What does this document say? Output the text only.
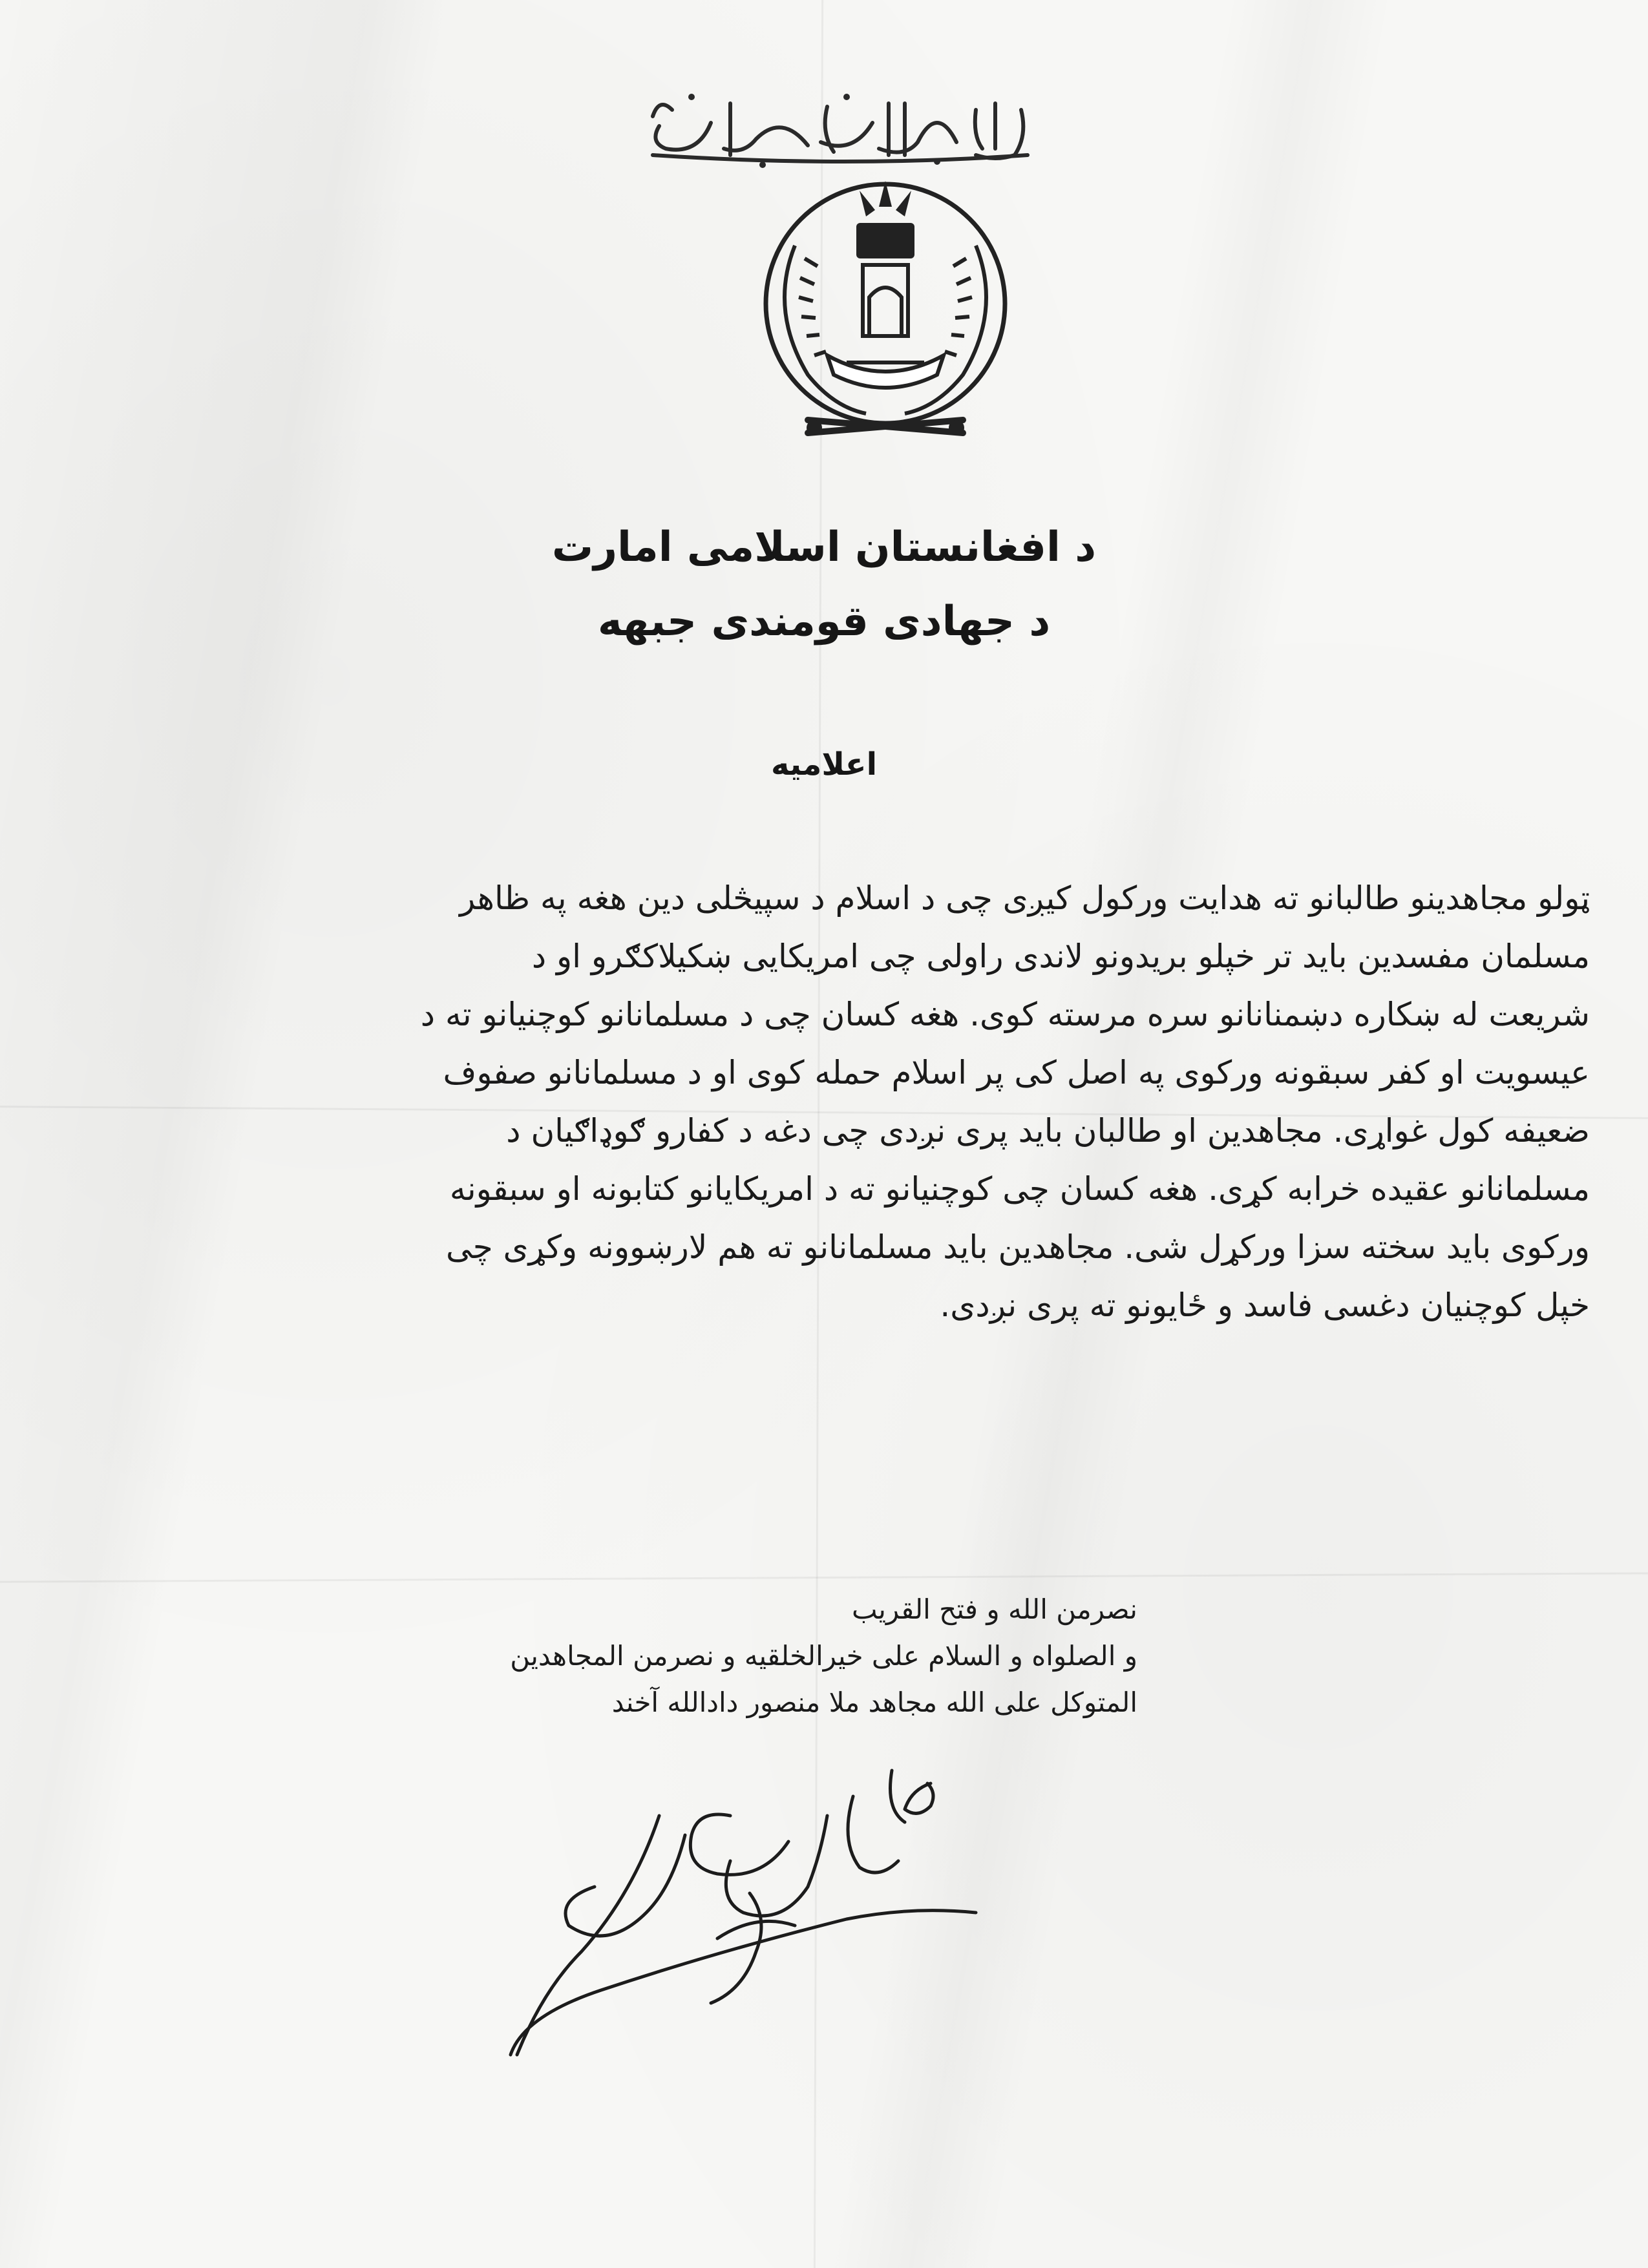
د افغانستان اسلامی امارت
د جهادی قومندی جبهه
اعلامیه
ټولو مجاهدینو طالبانو ته هدایت ورکول کیږی چی د اسلام د سپیڅلی دین هغه په ظاهر
مسلمان مفسدین باید تر خپلو بریدونو لاندی راولی چی امریکایی ښکیلاکګرو او د
شریعت له ښکاره دښمنانانو سره مرسته کوی. هغه کسان چی د مسلمانانو کوچنیانو ته د
عیسویت او کفر سبقونه ورکوی په اصل کی پر اسلام حمله کوی او د مسلمانانو صفوف
ضعیفه کول غواړی. مجاهدین او طالبان باید پری نږدی چی دغه د کفارو ګوډاګیان د
مسلمانانو عقیده خرابه کړی. هغه کسان چی کوچنیانو ته د امریکایانو کتابونه او سبقونه
ورکوی باید سخته سزا ورکړل شی. مجاهدین باید مسلمانانو ته هم لارښوونه وکړی چی
خپل کوچنیان دغسی فاسد و ځایونو ته پری نږدی.
نصرمن الله و فتح القریب
و الصلواه و السلام علی خیرالخلقیه و نصرمن المجاهدین
المتوکل علی الله مجاهد ملا منصور دادالله آخند
